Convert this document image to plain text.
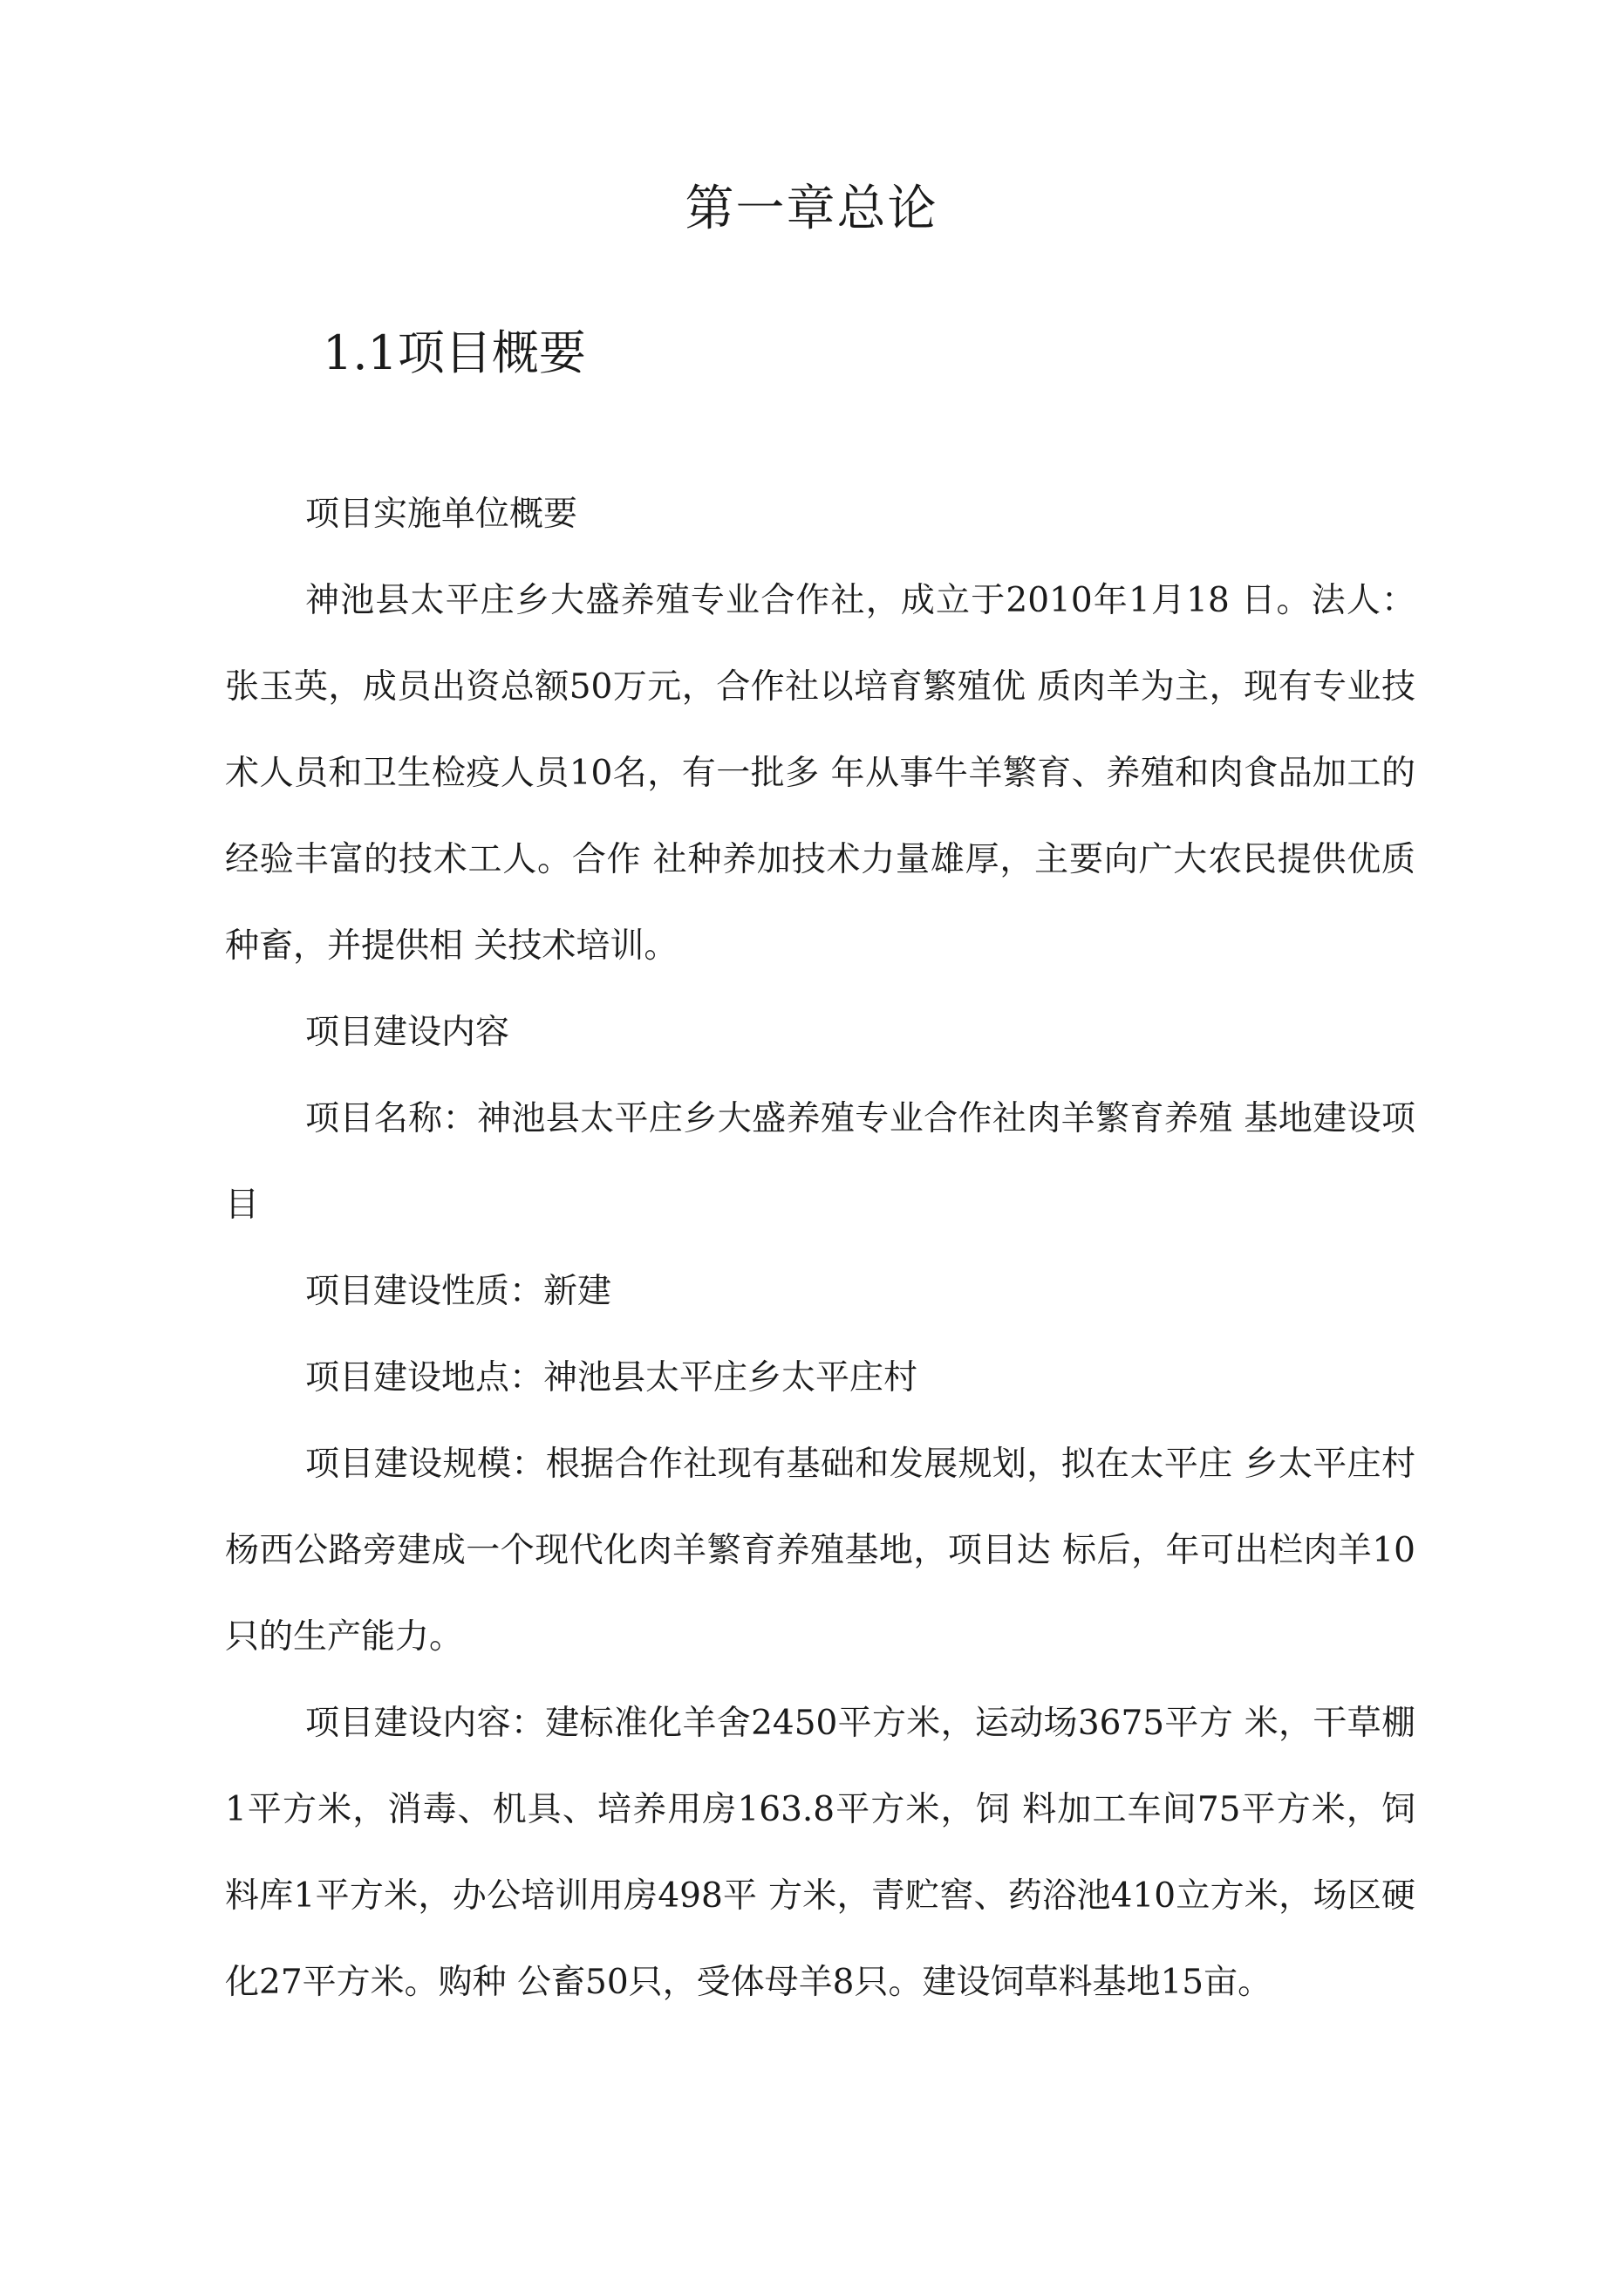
第一章总论
1.1项目概要

项目实施单位概要

神池县太平庄乡大盛养殖专业合作社，成立于2010年1月18 日。法人：张玉英，成员出资总额50万元，合作社以培育繁殖优 质肉羊为主，现有专业技术人员和卫生检疫人员10名，有一批多 年从事牛羊繁育、养殖和肉食品加工的经验丰富的技术工人。合作 社种养加技术力量雄厚，主要向广大农民提供优质种畜，并提供相 关技术培训。

项目建设内容

项目名称：神池县太平庄乡大盛养殖专业合作社肉羊繁育养殖 基地建设项目

项目建设性质：新建

项目建设地点：神池县太平庄乡太平庄村

项目建设规模：根据合作社现有基础和发展规划，拟在太平庄 乡太平庄村杨西公路旁建成一个现代化肉羊繁育养殖基地，项目达 标后，年可出栏肉羊10只的生产能力。

项目建设内容：建标准化羊舍2450平方米，运动场3675平方 米，干草棚1平方米，消毒、机具、培养用房163.8平方米，饲 料加工车间75平方米，饲料库1平方米，办公培训用房498平 方米，青贮窖、药浴池410立方米，场区硬化27平方米。购种 公畜50只，受体母羊8只。建设饲草料基地15亩。
